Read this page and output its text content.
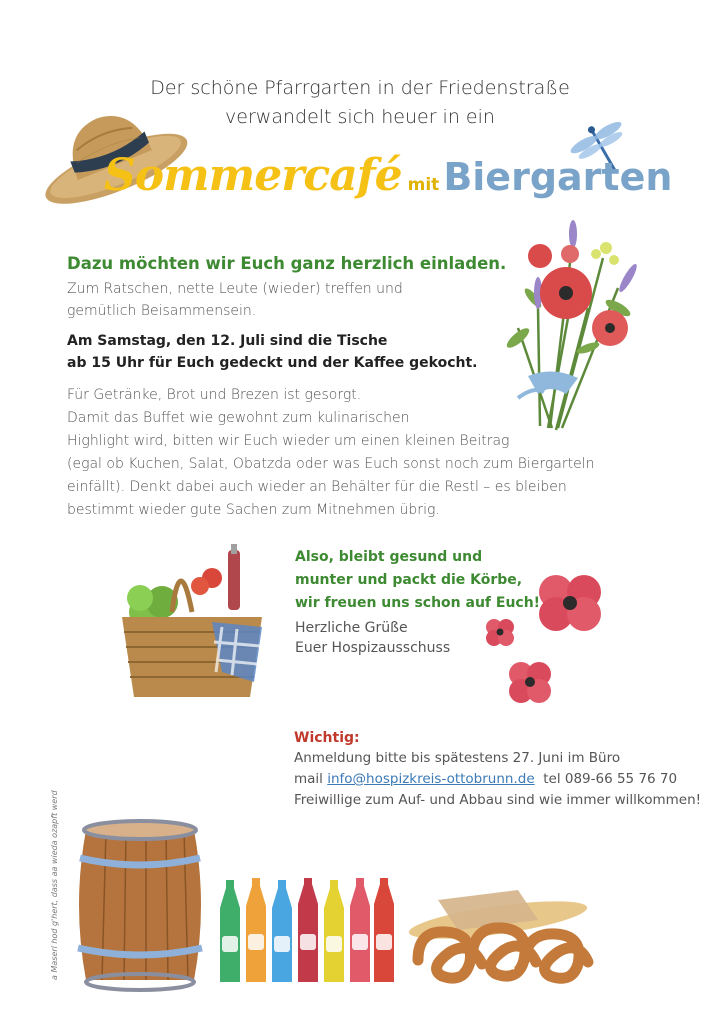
Der schöne Pfarrgarten in der Friedenstraße
verwandelt sich heuer in ein
Sommercafé mit Biergarten
Dazu möchten wir Euch ganz herzlich einladen.
Zum Ratschen, nette Leute (wieder) treffen und
gemütlich Beisammensein.
Am Samstag, den 12. Juli sind die Tische
ab 15 Uhr für Euch gedeckt und der Kaffee gekocht.
Für Getränke, Brot und Brezen ist gesorgt.
Damit das Buffet wie gewohnt zum kulinarischen
Highlight wird, bitten wir Euch wieder um einen kleinen Beitrag
(egal ob Kuchen, Salat, Obatzda oder was Euch sonst noch zum Biergarteln
einfällt). Denkt dabei auch wieder an Behälter für die Restl – es bleiben
bestimmt wieder gute Sachen zum Mitnehmen übrig.
Also, bleibt gesund und
munter und packt die Körbe,
wir freuen uns schon auf Euch!
Herzliche Grüße
Euer Hospizausschuss
Wichtig:
Anmeldung bitte bis spätestens 27. Juni im Büro
mail info@hospizkreis-ottobrunn.de  tel 089-66 55 76 70
Freiwillige zum Auf- und Abbau sind wie immer willkommen!
a Maserl hod g'hert, dass aa wieda ozapft werd
